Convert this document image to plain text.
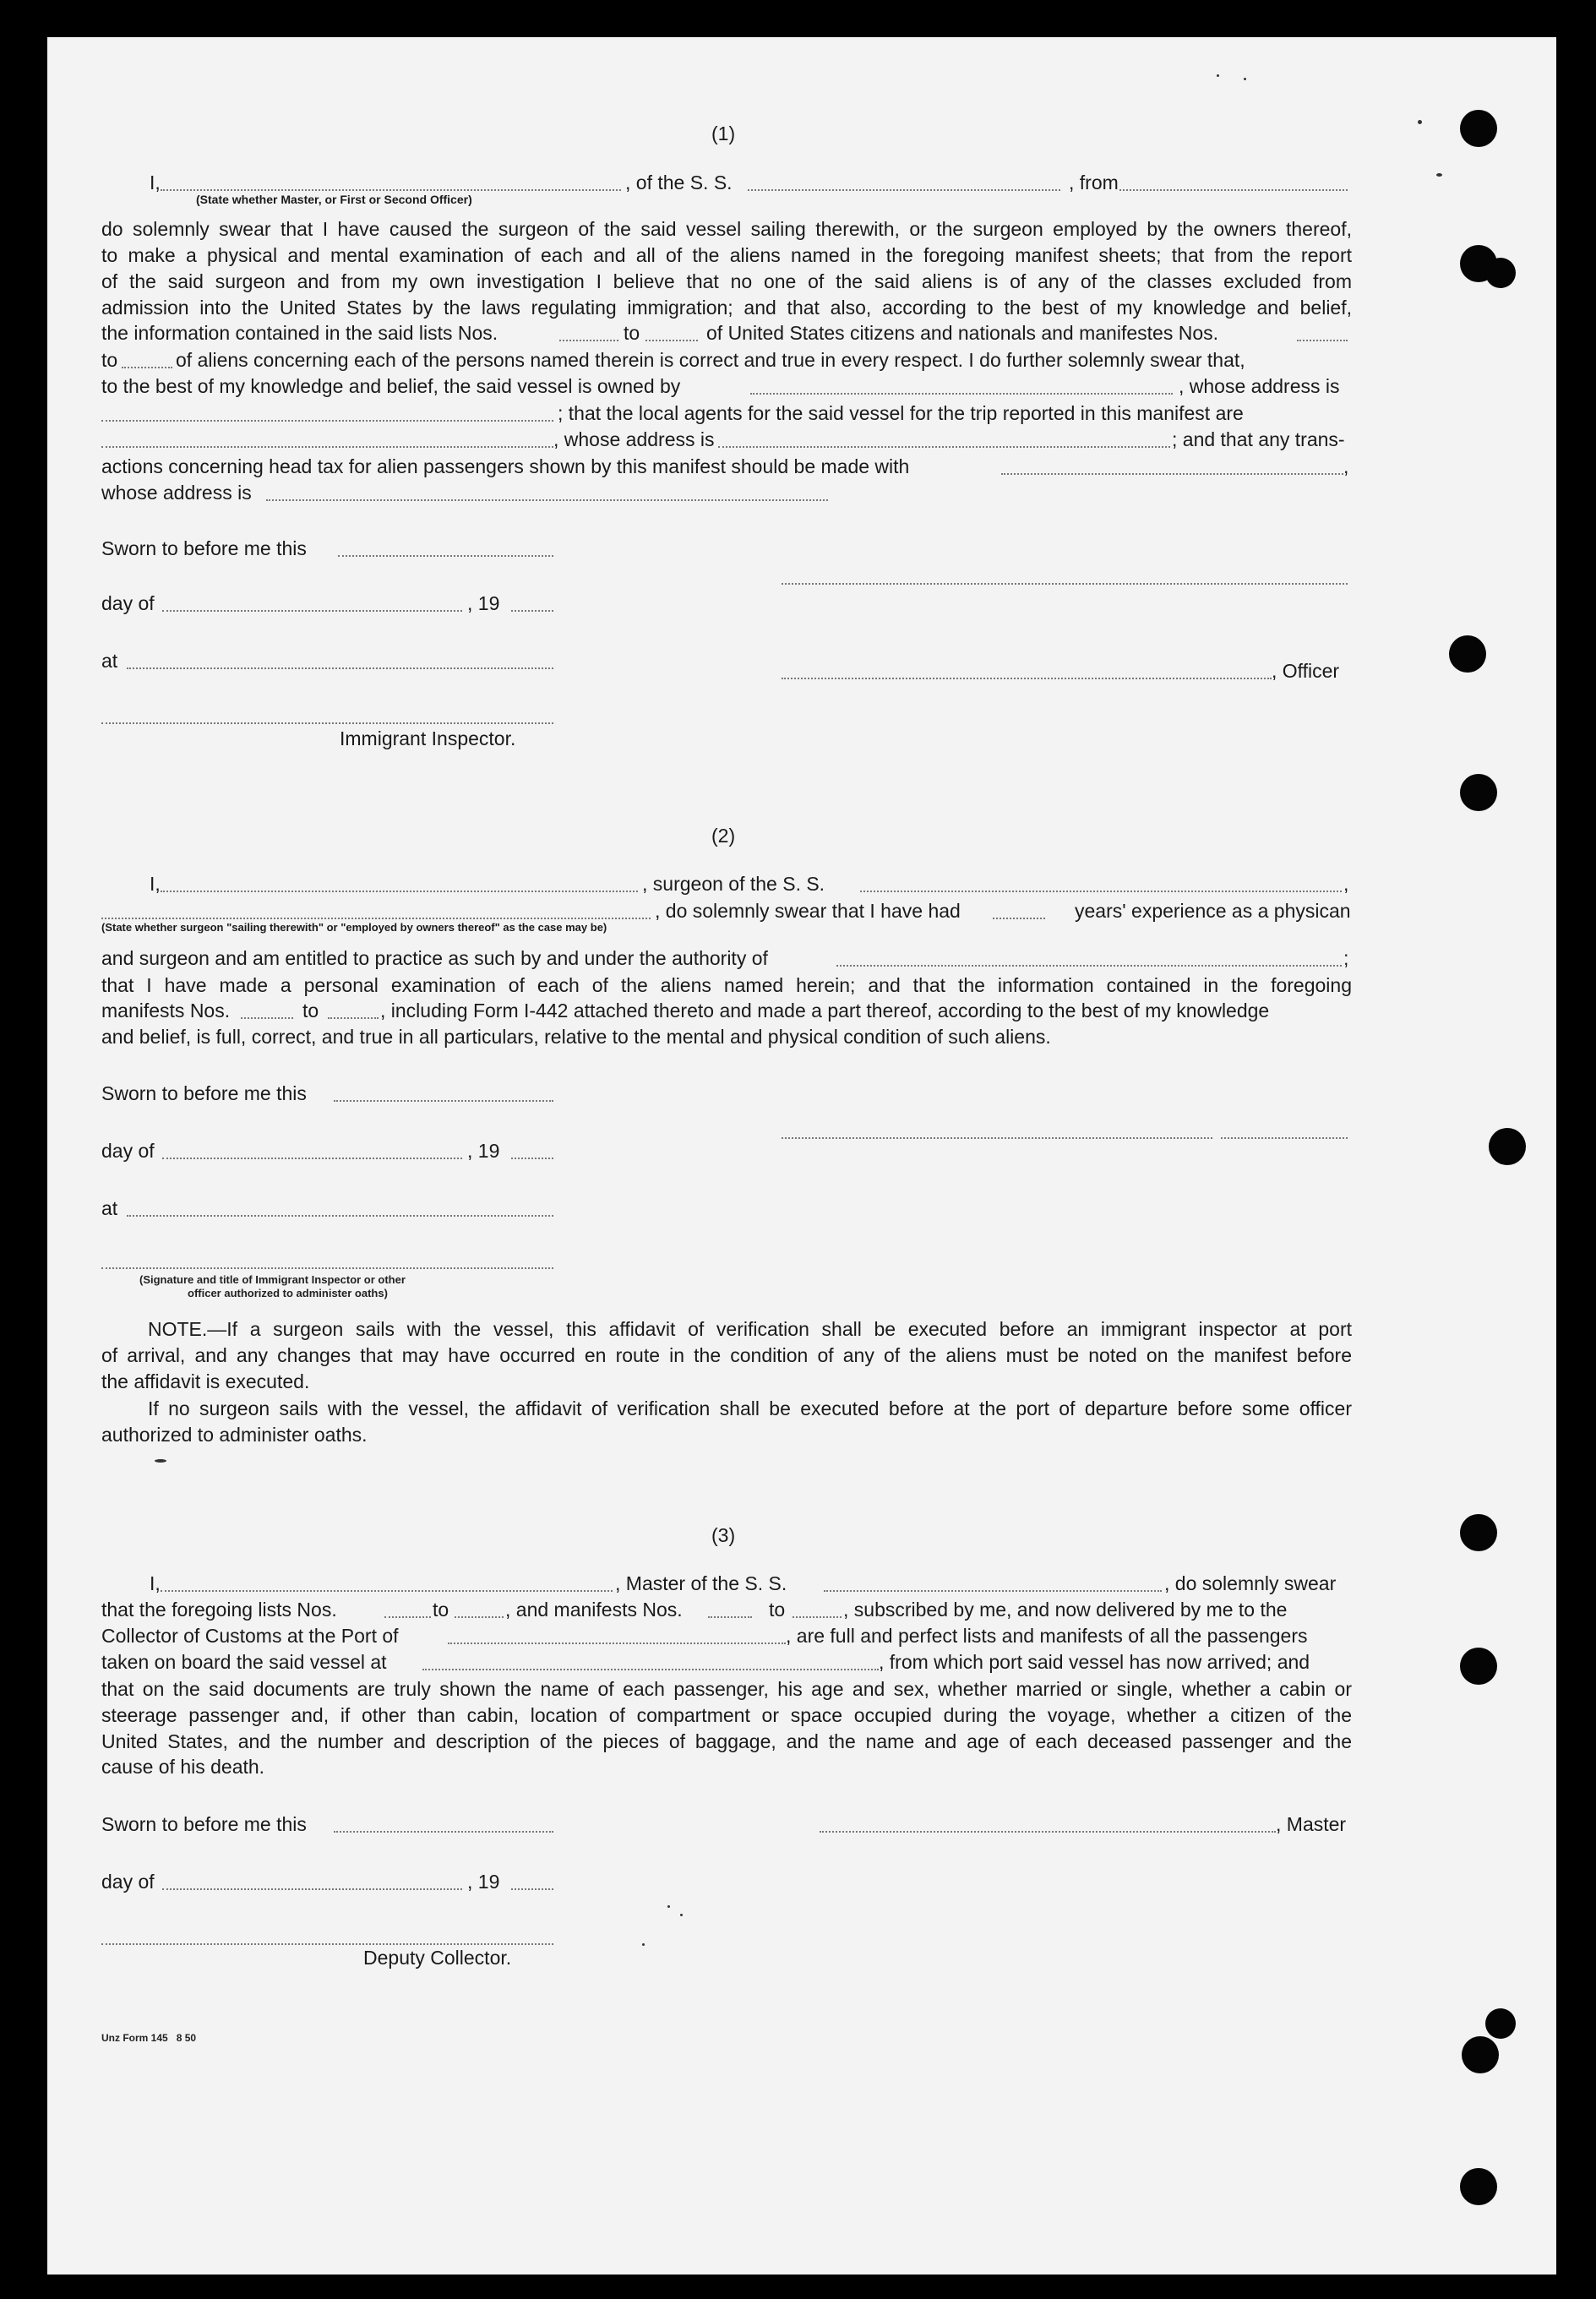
(1)
I,	, of the S. S.	, from
(State whether Master, or First or Second Officer)
do solemnly swear that I have caused the surgeon of the said vessel sailing therewith, or the surgeon employed by the owners thereof,
to make a physical and mental examination of each and all of the aliens named in the foregoing manifest sheets; that from the report
of the said surgeon and from my own investigation I believe that no one of the said aliens is of any of the classes excluded from
admission into the United States by the laws regulating immigration; and that also, according to the best of my knowledge and belief,
the information contained in the said lists Nos.	to	of United States citizens and nationals and manifestes Nos.
to	of aliens concerning each of the persons named therein is correct and true in every respect. I do further solemnly swear that,
to the best of my knowledge and belief, the said vessel is owned by	, whose address is
; that the local agents for the said vessel for the trip reported in this manifest are
, whose address is	; and that any trans-
actions concerning head tax for alien passengers shown by this manifest should be made with	,
whose address is
Sworn to before me this
day of	, 19
at	, Officer
Immigrant Inspector.
(2)
I,	, surgeon of the S. S.	,
, do solemnly swear that I have had	years' experience as a physican
(State whether surgeon "sailing therewith" or "employed by owners thereof" as the case may be)
and surgeon and am entitled to practice as such by and under the authority of	;
that I have made a personal examination of each of the aliens named herein; and that the information contained in the foregoing
manifests Nos.	to	, including Form I-442 attached thereto and made a part thereof, according to the best of my knowledge
and belief, is full, correct, and true in all particulars, relative to the mental and physical condition of such aliens.
Sworn to before me this
day of	, 19
at
(Signature and title of Immigrant Inspector or other
officer authorized to administer oaths)
NOTE.—If a surgeon sails with the vessel, this affidavit of verification shall be executed before an immigrant inspector at port
of arrival, and any changes that may have occurred en route in the condition of any of the aliens must be noted on the manifest before
the affidavit is executed.
If no surgeon sails with the vessel, the affidavit of verification shall be executed before at the port of departure before some officer
authorized to administer oaths.
(3)
I,	, Master of the S. S.	, do solemnly swear
that the foregoing lists Nos.	to	, and manifests Nos.	to	, subscribed by me, and now delivered by me to the
Collector of Customs at the Port of	, are full and perfect lists and manifests of all the passengers
taken on board the said vessel at	, from which port said vessel has now arrived; and
that on the said documents are truly shown the name of each passenger, his age and sex, whether married or single, whether a cabin or
steerage passenger and, if other than cabin, location of compartment or space occupied during the voyage, whether a citizen of the
United States, and the number and description of the pieces of baggage, and the name and age of each deceased passenger and the
cause of his death.
Sworn to before me this	, Master
day of	, 19
Deputy Collector.
Unz Form 145   8 50
